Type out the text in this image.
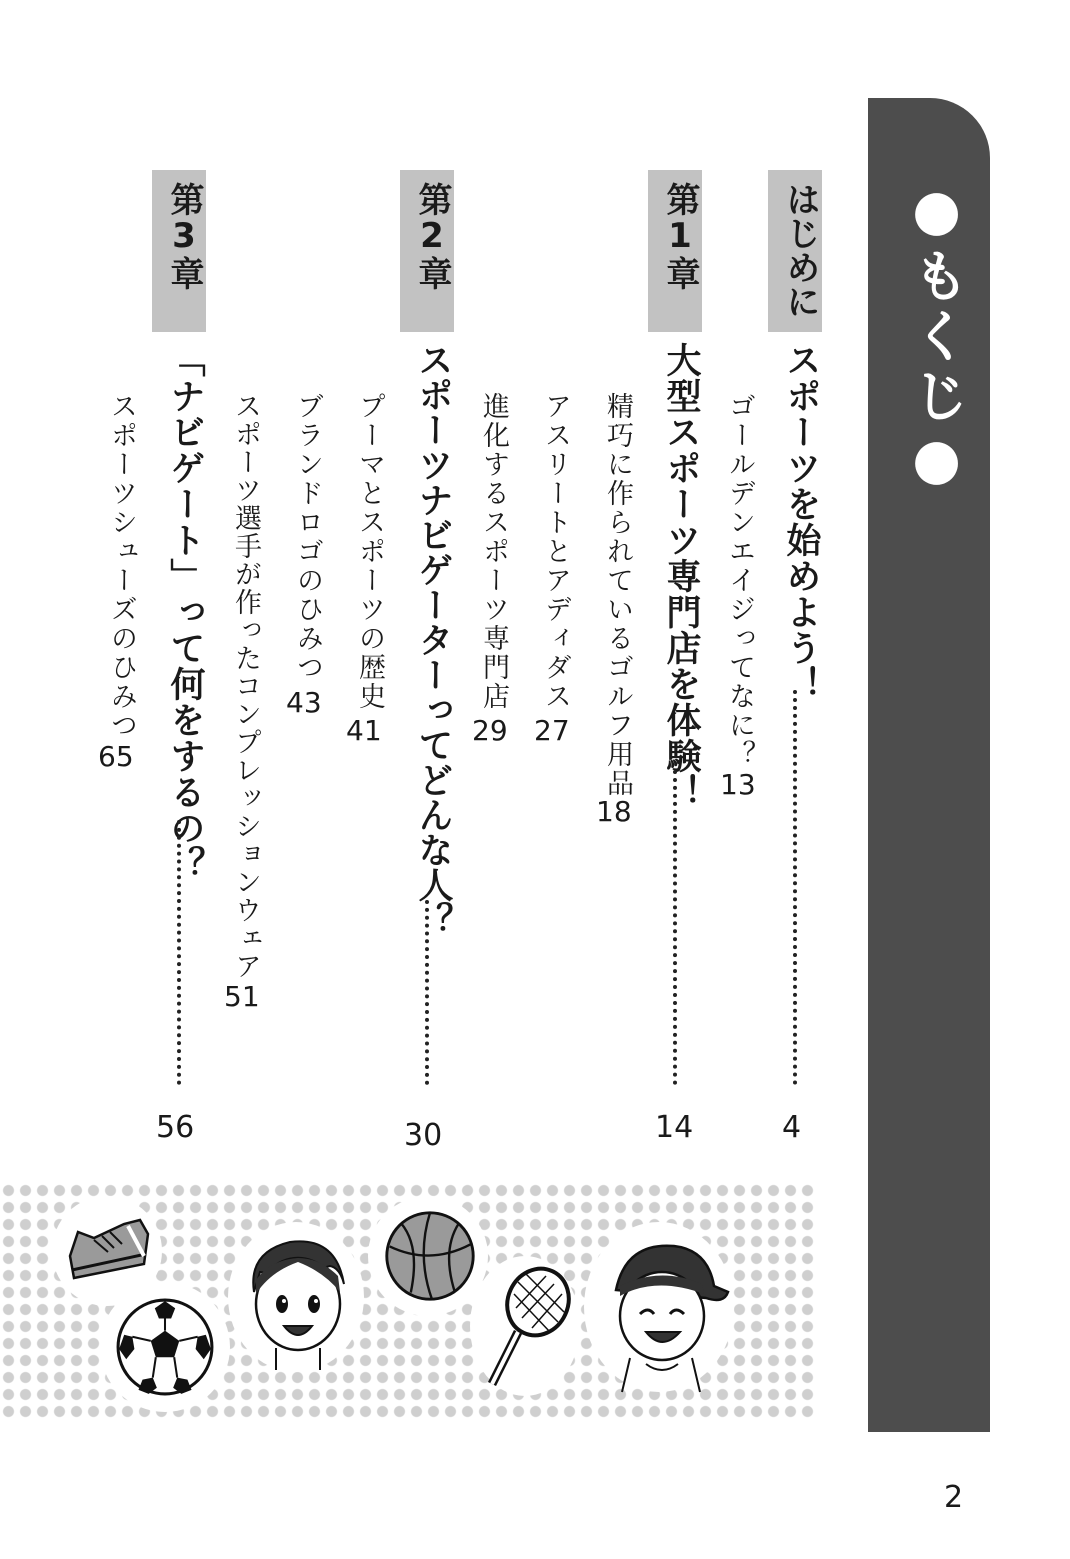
●もくじ●
はじめに
スポーツを始めよう！
4
ゴールデンエイジってなに？
13
第1章
大型スポーツ専門店を体験！
14
精巧に作られているゴルフ用品
18
アスリートとアディダス
27
進化するスポーツ専門店
29
第2章
スポーツナビゲーターってどんな人？
30
プーマとスポーツの歴史
41
ブランドロゴのひみつ
43
スポーツ選手が作ったコンプレッションウェア
51
第3章
「ナビゲート」って何をするの？
56
スポーツシューズのひみつ
65
2
